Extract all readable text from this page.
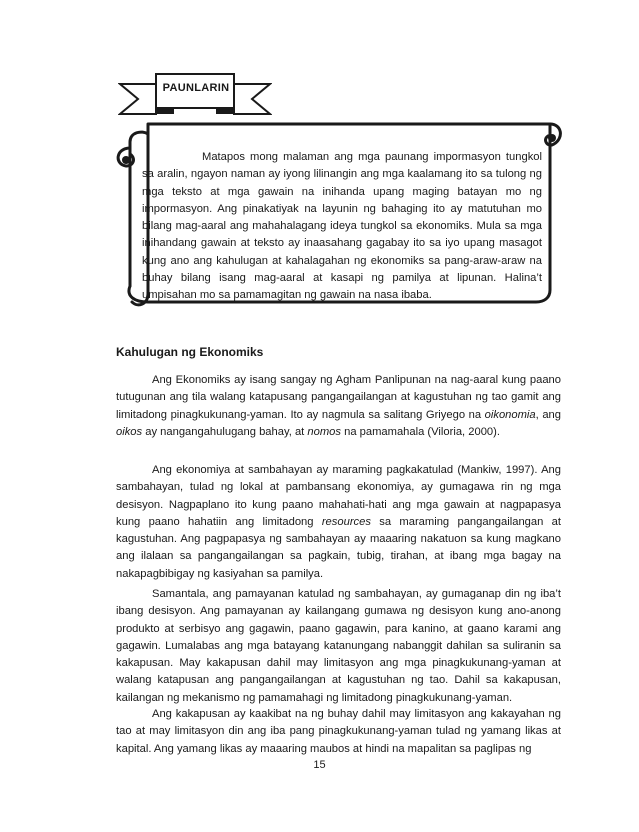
PAUNLARIN

Matapos mong malaman ang mga paunang impormasyon tungkol sa aralin, ngayon naman ay iyong lilinangin ang mga kaalamang ito sa tulong ng mga teksto at mga gawain na inihanda upang maging batayan mo ng impormasyon. Ang pinakatiyak na layunin ng bahaging ito ay matutuhan mo bilang mag-aaral ang mahahalagang ideya tungkol sa ekonomiks. Mula sa mga inihandang gawain at teksto ay inaasahang gagabay ito sa iyo upang masagot kung ano ang kahulugan at kahalagahan ng ekonomiks sa pang-araw-araw na buhay bilang isang mag-aaral at kasapi ng pamilya at lipunan. Halina’t umpisahan mo sa pamamagitan ng gawain na nasa ibaba.

Kahulugan ng Ekonomiks

Ang Ekonomiks ay isang sangay ng Agham Panlipunan na nag-aaral kung paano tutugunan ang tila walang katapusang pangangailangan at kagustuhan ng tao gamit ang limitadong pinagkukunang-yaman. Ito ay nagmula sa salitang Griyego na oikonomia, ang oikos ay nangangahulugang bahay, at nomos na pamamahala (Viloria, 2000).

Ang ekonomiya at sambahayan ay maraming pagkakatulad (Mankiw, 1997). Ang sambahayan, tulad ng lokal at pambansang ekonomiya, ay gumagawa rin ng mga desisyon. Nagpaplano ito kung paano mahahati-hati ang mga gawain at nagpapasya kung paano hahatiin ang limitadong resources sa maraming pangangailangan at kagustuhan. Ang pagpapasya ng sambahayan ay maaaring nakatuon sa kung magkano ang ilalaan sa pangangailangan sa pagkain, tubig, tirahan, at ibang mga bagay na nakapagbibigay ng kasiyahan sa pamilya.

Samantala, ang pamayanan katulad ng sambahayan, ay gumaganap din ng iba’t ibang desisyon. Ang pamayanan ay kailangang gumawa ng desisyon kung ano-anong produkto at serbisyo ang gagawin, paano gagawin, para kanino, at gaano karami ang gagawin. Lumalabas ang mga batayang katanungang nabanggit dahilan sa suliranin sa kakapusan. May kakapusan dahil may limitasyon ang mga pinagkukunang-yaman at walang katapusan ang pangangailangan at kagustuhan ng tao. Dahil sa kakapusan, kailangan ng mekanismo ng pamamahagi ng limitadong pinagkukunang-yaman.

Ang kakapusan ay kaakibat na ng buhay dahil may limitasyon ang kakayahan ng tao at may limitasyon din ang iba pang pinagkukunang-yaman tulad ng yamang likas at kapital. Ang yamang likas ay maaaring maubos at hindi na mapalitan sa paglipas ng

15
